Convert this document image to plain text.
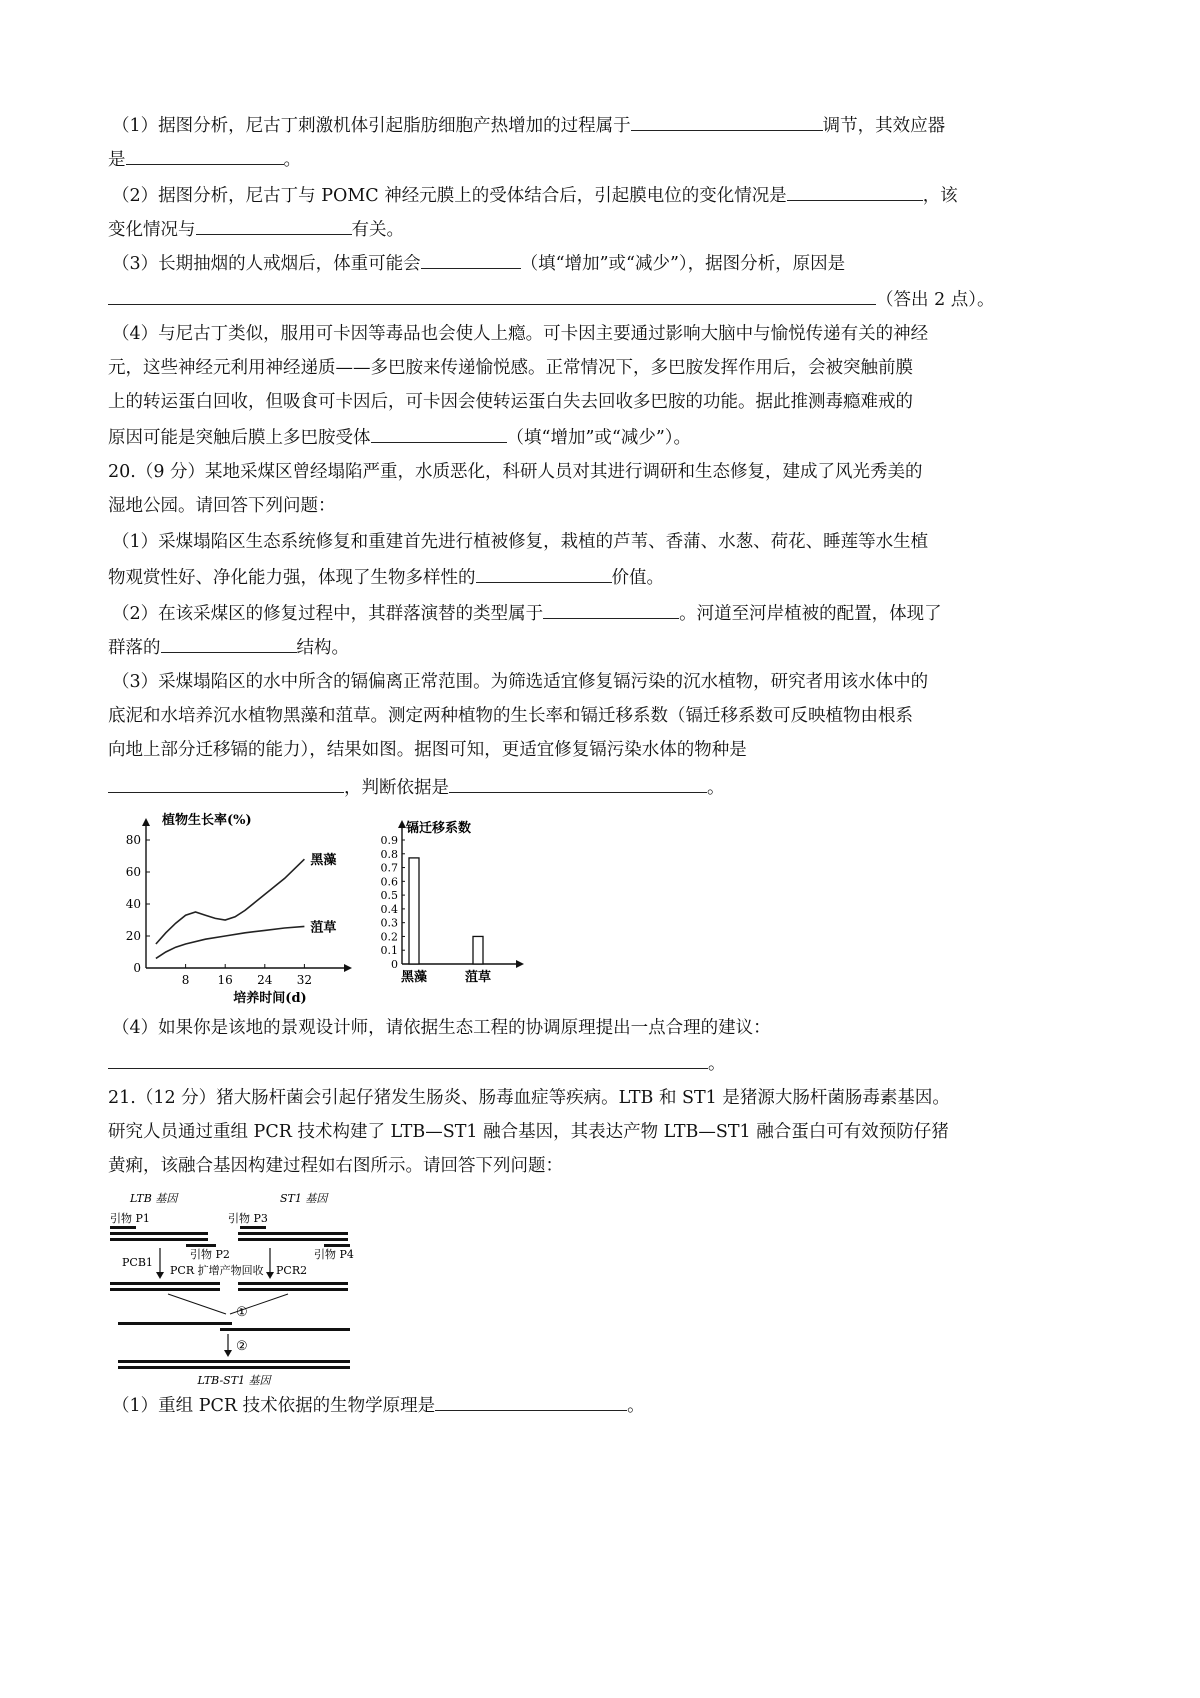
（1）据图分析，尼古丁刺激机体引起脂肪细胞产热增加的过程属于	调节，其效应器
是	。
（2）据图分析，尼古丁与 POMC 神经元膜上的受体结合后，引起膜电位的变化情况是	，该
变化情况与	有关。
（3）长期抽烟的人戒烟后，体重可能会	（填“增加”或“减少”），据图分析，原因是
（答出 2 点）。
（4）与尼古丁类似，服用可卡因等毒品也会使人上瘾。可卡因主要通过影响大脑中与愉悦传递有关的神经
元，这些神经元利用神经递质——多巴胺来传递愉悦感。正常情况下，多巴胺发挥作用后，会被突触前膜
上的转运蛋白回收，但吸食可卡因后，可卡因会使转运蛋白失去回收多巴胺的功能。据此推测毒瘾难戒的
原因可能是突触后膜上多巴胺受体	（填“增加”或“减少”）。
20.（9 分）某地采煤区曾经塌陷严重，水质恶化，科研人员对其进行调研和生态修复，建成了风光秀美的
湿地公园。请回答下列问题：
（1）采煤塌陷区生态系统修复和重建首先进行植被修复，栽植的芦苇、香蒲、水葱、荷花、睡莲等水生植
物观赏性好、净化能力强，体现了生物多样性的	价值。
（2）在该采煤区的修复过程中，其群落演替的类型属于	。河道至河岸植被的配置，体现了
群落的	结构。
（3）采煤塌陷区的水中所含的镉偏离正常范围。为筛选适宜修复镉污染的沉水植物，研究者用该水体中的
底泥和水培养沉水植物黑藻和菹草。测定两种植物的生长率和镉迁移系数（镉迁移系数可反映植物由根系
向地上部分迁移镉的能力），结果如图。据图可知，更适宜修复镉污染水体的物种是
，判断依据是	。
0
20
40
60
80
8 16 24 32
黑藻
菹草
植物生长率(%)
培养时间(d)
0
0.1
0.2
0.3
0.4
0.5
0.6
0.7
0.8
0.9
黑藻	菹草
镉迁移系数
（4）如果你是该地的景观设计师，请依据生态工程的协调原理提出一点合理的建议：
。
21.（12 分）猪大肠杆菌会引起仔猪发生肠炎、肠毒血症等疾病。LTB 和 ST1 是猪源大肠杆菌肠毒素基因。
研究人员通过重组 PCR 技术构建了 LTB—ST1 融合基因，其表达产物 LTB—ST1 融合蛋白可有效预防仔猪
黄痢，该融合基因构建过程如右图所示。请回答下列问题：
LTB 基因	ST1 基因
引物 P1	引物 P3
引物 P2	引物 P4
PCB1
PCR2
PCR 扩增产物回收
①
②
LTB-ST1 基因
（1）重组 PCR 技术依据的生物学原理是	。
